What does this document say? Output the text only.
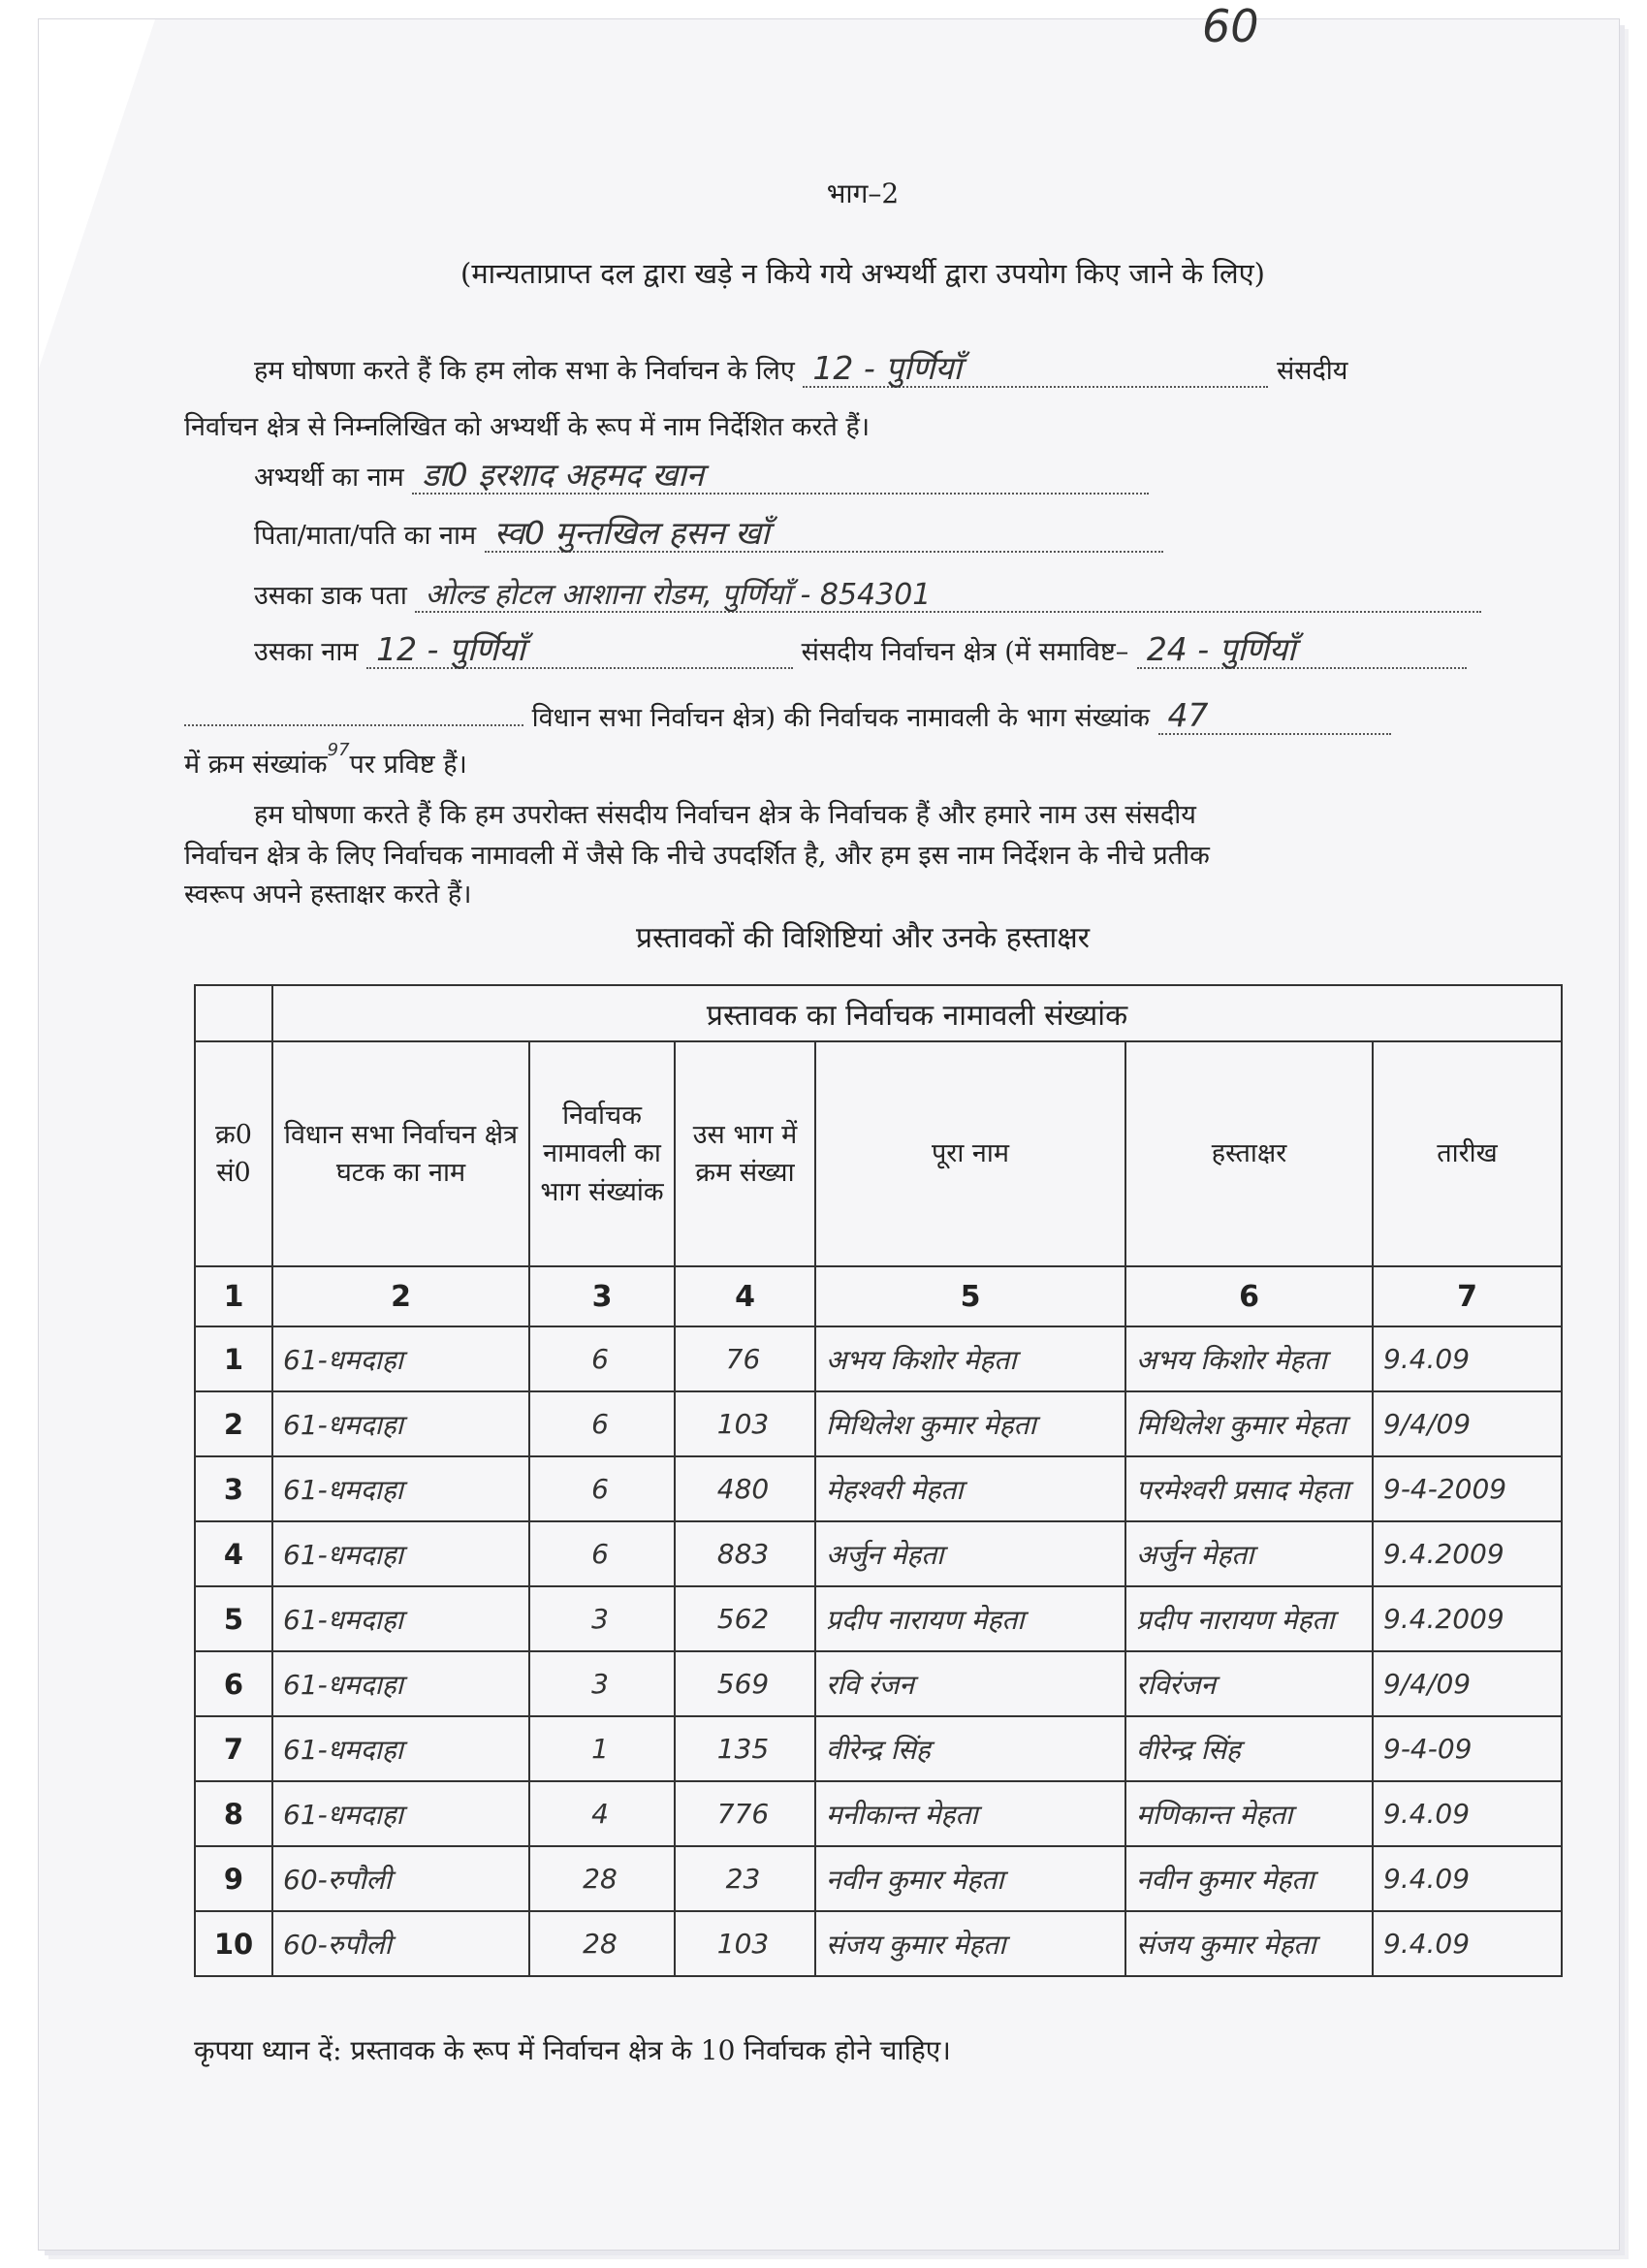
60
भाग–2
(मान्यताप्राप्त दल द्वारा खड़े न किये गये अभ्यर्थी द्वारा उपयोग किए जाने के लिए)
हम घोषणा करते हैं कि हम लोक सभा के निर्वाचन के लिए 12 - पुर्णियाँ	संसदीय
निर्वाचन क्षेत्र से निम्नलिखित को अभ्यर्थी के रूप में नाम निर्देशित करते हैं।
अभ्यर्थी का नाम डा0 इरशाद अहमद खान
पिता/माता/पति का नाम स्व0 मुन्तखिल हसन खाँ
उसका डाक पता ओल्ड होटल आशाना रोडम, पुर्णियाँ - 854301
उसका नाम 12 - पुर्णियाँ	संसदीय निर्वाचन क्षेत्र (में समाविष्ट– 24 - पुर्णियाँ
विधान सभा निर्वाचन क्षेत्र) की निर्वाचक नामावली के भाग संख्यांक 47
में क्रम संख्यांक$^{97}$पर प्रविष्ट हैं।
हम घोषणा करते हैं कि हम उपरोक्त संसदीय निर्वाचन क्षेत्र के निर्वाचक हैं और हमारे नाम उस संसदीय
निर्वाचन क्षेत्र के लिए निर्वाचक नामावली में जैसे कि नीचे उपदर्शित है, और हम इस नाम निर्देशन के नीचे प्रतीक
स्वरूप अपने हस्ताक्षर करते हैं।
प्रस्तावकों की विशिष्टियां और उनके हस्ताक्षर
	प्रस्तावक का निर्वाचक नामावली संख्यांक					
क्र0 सं0	विधान सभा निर्वाचन क्षेत्र घटक का नाम	निर्वाचक नामावली का भाग संख्यांक	उस भाग में क्रम संख्या	पूरा नाम	हस्ताक्षर	तारीख
1	2	3	4	5	6	7
1	61-धमदाहा	6	76	अभय किशोर मेहता	अभय किशोर मेहता	9.4.09
2	61-धमदाहा	6	103	मिथिलेश कुमार मेहता	मिथिलेश कुमार मेहता	9/4/09
3	61-धमदाहा	6	480	मेहश्वरी मेहता	परमेश्वरी प्रसाद मेहता	9-4-2009
4	61-धमदाहा	6	883	अर्जुन मेहता	अर्जुन मेहता	9.4.2009
5	61-धमदाहा	3	562	प्रदीप नारायण मेहता	प्रदीप नारायण मेहता	9.4.2009
6	61-धमदाहा	3	569	रवि रंजन	रविरंजन	9/4/09
7	61-धमदाहा	1	135	वीरेन्द्र सिंह	वीरेन्द्र सिंह	9-4-09
8	61-धमदाहा	4	776	मनीकान्त मेहता	मणिकान्त मेहता	9.4.09
9	60-रुपौली	28	23	नवीन कुमार मेहता	नवीन कुमार मेहता	9.4.09
10	60-रुपौली	28	103	संजय कुमार मेहता	संजय कुमार मेहता	9.4.09
कृपया ध्यान दें: प्रस्तावक के रूप में निर्वाचन क्षेत्र के 10 निर्वाचक होने चाहिए।
